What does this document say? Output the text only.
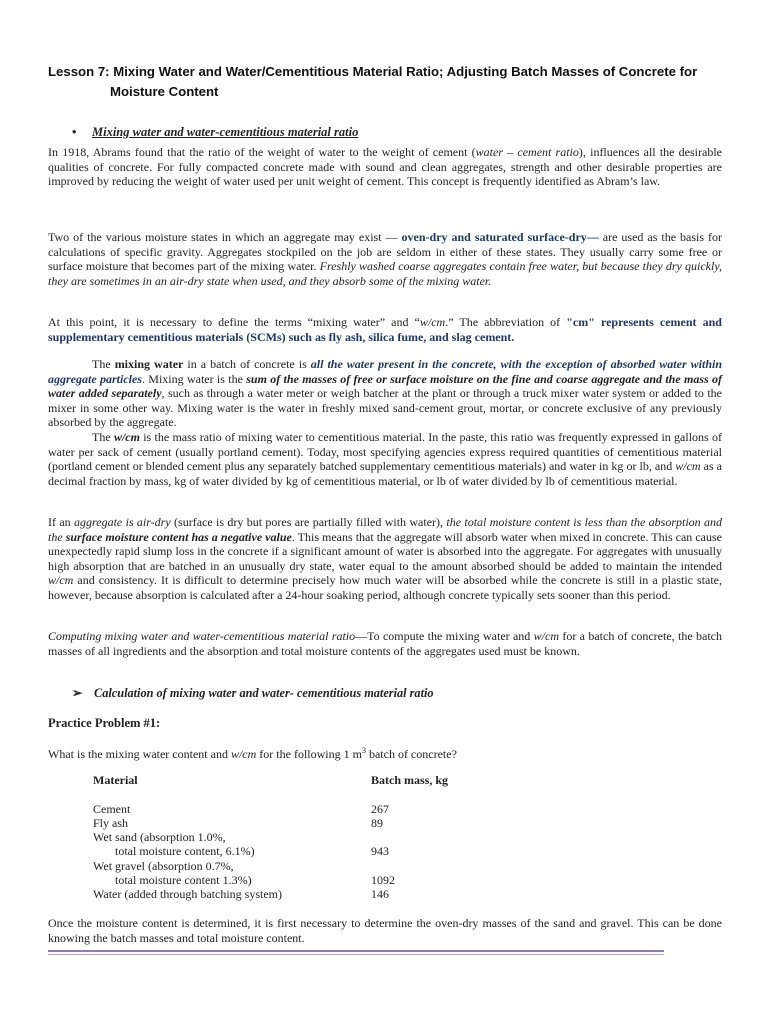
Lesson 7: Mixing Water and Water/Cementitious Material Ratio; Adjusting Batch Masses of Concrete for
Moisture Content
• Mixing water and water-cementitious material ratio

In 1918, Abrams found that the ratio of the weight of water to the weight of cement (water – cement ratio), influences all the desirable qualities of concrete. For fully compacted concrete made with sound and clean aggregates, strength and other desirable properties are improved by reducing the weight of water used per unit weight of cement. This concept is frequently identified as Abram’s law.

Two of the various moisture states in which an aggregate may exist — oven-dry and saturated surface-dry— are used as the basis for calculations of specific gravity. Aggregates stockpiled on the job are seldom in either of these states. They usually carry some free or surface moisture that becomes part of the mixing water. Freshly washed coarse aggregates contain free water, but because they dry quickly, they are sometimes in an air-dry state when used, and they absorb some of the mixing water.

At this point, it is necessary to define the terms “mixing water” and “w/cm.” The abbreviation of "cm" represents cement and supplementary cementitious materials (SCMs) such as fly ash, silica fume, and slag cement.

The mixing water in a batch of concrete is all the water present in the concrete, with the exception of absorbed water within aggregate particles. Mixing water is the sum of the masses of free or surface moisture on the fine and coarse aggregate and the mass of water added separately, such as through a water meter or weigh batcher at the plant or through a truck mixer water system or added to the mixer in some other way. Mixing water is the water in freshly mixed sand-cement grout, mortar, or concrete exclusive of any previously absorbed by the aggregate.

The w/cm is the mass ratio of mixing water to cementitious material. In the paste, this ratio was frequently expressed in gallons of water per sack of cement (usually portland cement). Today, most specifying agencies express required quantities of cementitious material (portland cement or blended cement plus any separately batched supplementary cementitious materials) and water in kg or lb, and w/cm as a decimal fraction by mass, kg of water divided by kg of cementitious material, or lb of water divided by lb of cementitious material.

If an aggregate is air-dry (surface is dry but pores are partially filled with water), the total moisture content is less than the absorption and the surface moisture content has a negative value. This means that the aggregate will absorb water when mixed in concrete. This can cause unexpectedly rapid slump loss in the concrete if a significant amount of water is absorbed into the aggregate. For aggregates with unusually high absorption that are batched in an unusually dry state, water equal to the amount absorbed should be added to maintain the intended w/cm and consistency. It is difficult to determine precisely how much water will be absorbed while the concrete is still in a plastic state, however, because absorption is calculated after a 24-hour soaking period, although concrete typically sets sooner than this period.

Computing mixing water and water-cementitious material ratio—To compute the mixing water and w/cm for a batch of concrete, the batch masses of all ingredients and the absorption and total moisture contents of the aggregates used must be known.

➢ Calculation of mixing water and water- cementitious material ratio
Practice Problem #1:
What is the mixing water content and w/cm for the following 1 $m^3$ batch of concrete?
Material	Batch mass, kg
Cement	267
Fly ash	89
Wet sand (absorption 1.0%,
total moisture content, 6.1%)	943
Wet gravel (absorption 0.7%,
total moisture content 1.3%)	1092
Water (added through batching system)	146

Once the moisture content is determined, it is first necessary to determine the oven-dry masses of the sand and gravel. This can be done knowing the batch masses and total moisture content.
